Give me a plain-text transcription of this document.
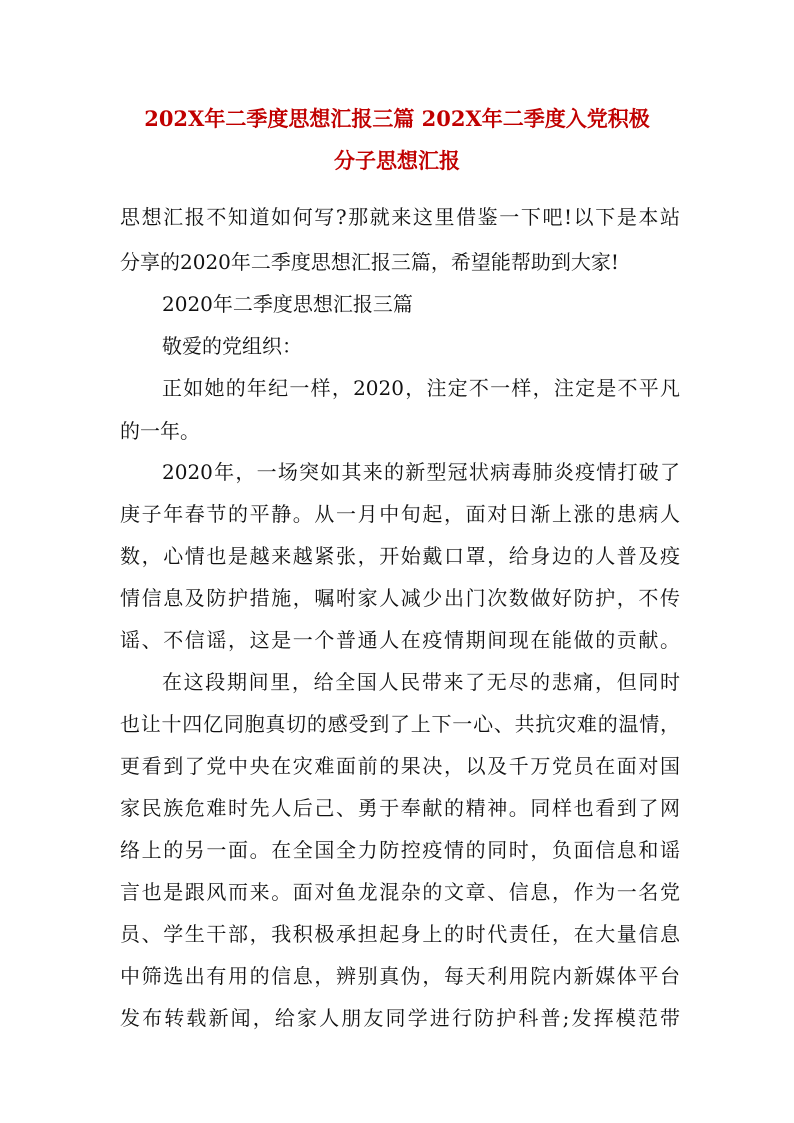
202X年二季度思想汇报三篇 202X年二季度入党积极
分子思想汇报
思想汇报不知道如何写?那就来这里借鉴一下吧!以下是本站
分享的2020年二季度思想汇报三篇，希望能帮助到大家!
2020年二季度思想汇报三篇
敬爱的党组织：
正如她的年纪一样，2020，注定不一样，注定是不平凡
的一年。
2020年，一场突如其来的新型冠状病毒肺炎疫情打破了
庚子年春节的平静。从一月中旬起，面对日渐上涨的患病人
数，心情也是越来越紧张，开始戴口罩，给身边的人普及疫
情信息及防护措施，嘱咐家人减少出门次数做好防护，不传
谣、不信谣，这是一个普通人在疫情期间现在能做的贡献。
在这段期间里，给全国人民带来了无尽的悲痛，但同时
也让十四亿同胞真切的感受到了上下一心、共抗灾难的温情，
更看到了党中央在灾难面前的果决，以及千万党员在面对国
家民族危难时先人后己、勇于奉献的精神。同样也看到了网
络上的另一面。在全国全力防控疫情的同时，负面信息和谣
言也是跟风而来。面对鱼龙混杂的文章、信息，作为一名党
员、学生干部，我积极承担起身上的时代责任，在大量信息
中筛选出有用的信息，辨别真伪，每天利用院内新媒体平台
发布转载新闻，给家人朋友同学进行防护科普;发挥模范带
